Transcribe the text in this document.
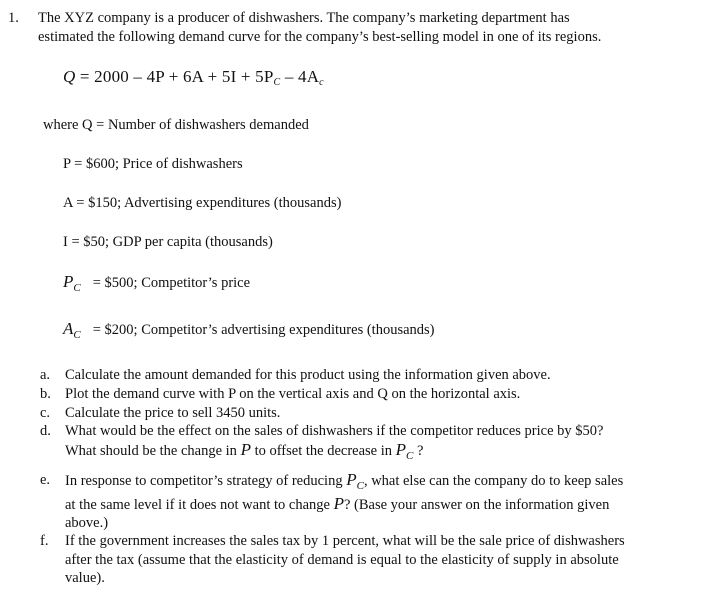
1. The XYZ company is a producer of dishwashers. The company’s marketing department has
estimated the following demand curve for the company’s best-selling model in one of its regions.
$Q = 2000 - 4P + 6A + 5I + 5P_C - 4A_c$
where Q = Number of dishwashers demanded
P = $600; Price of dishwashers
A = $150; Advertising expenditures (thousands)
I = $50; GDP per capita (thousands)
$P_C$ = $500; Competitor’s price
$A_C$ = $200; Competitor’s advertising expenditures (thousands)
a. Calculate the amount demanded for this product using the information given above.
b. Plot the demand curve with P on the vertical axis and Q on the horizontal axis.
c. Calculate the price to sell 3450 units.
d. What would be the effect on the sales of dishwashers if the competitor reduces price by $50?
What should be the change in P to offset the decrease in $P_C$ ?
e. In response to competitor’s strategy of reducing $P_C$, what else can the company do to keep sales
at the same level if it does not want to change P? (Base your answer on the information given
above.)
f. If the government increases the sales tax by 1 percent, what will be the sale price of dishwashers
after the tax (assume that the elasticity of demand is equal to the elasticity of supply in absolute
value).
